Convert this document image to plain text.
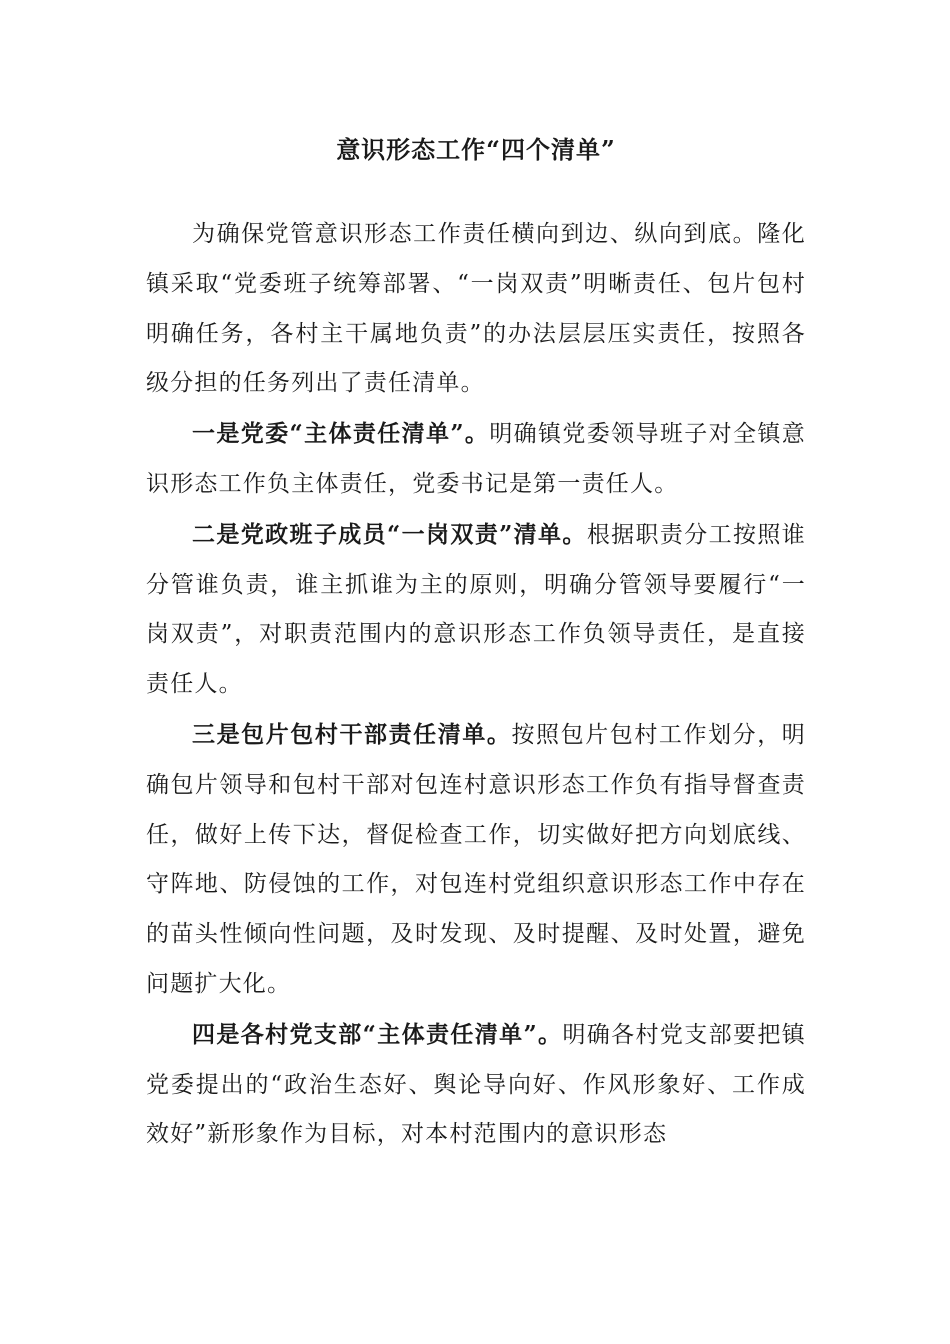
意识形态工作“四个清单”

为确保党管意识形态工作责任横向到边、纵向到底。隆化镇采取“党委班子统筹部署、“一岗双责”明晰责任、包片包村明确任务，各村主干属地负责”的办法层层压实责任，按照各级分担的任务列出了责任清单。

一是党委“主体责任清单”。明确镇党委领导班子对全镇意识形态工作负主体责任，党委书记是第一责任人。

二是党政班子成员“一岗双责”清单。根据职责分工按照谁分管谁负责，谁主抓谁为主的原则，明确分管领导要履行“一岗双责”，对职责范围内的意识形态工作负领导责任，是直接责任人。

三是包片包村干部责任清单。按照包片包村工作划分，明确包片领导和包村干部对包连村意识形态工作负有指导督查责任，做好上传下达，督促检查工作，切实做好把方向划底线、守阵地、防侵蚀的工作，对包连村党组织意识形态工作中存在的苗头性倾向性问题，及时发现、及时提醒、及时处置，避免问题扩大化。

四是各村党支部“主体责任清单”。明确各村党支部要把镇党委提出的“政治生态好、舆论导向好、作风形象好、工作成效好”新形象作为目标，对本村范围内的意识形态
